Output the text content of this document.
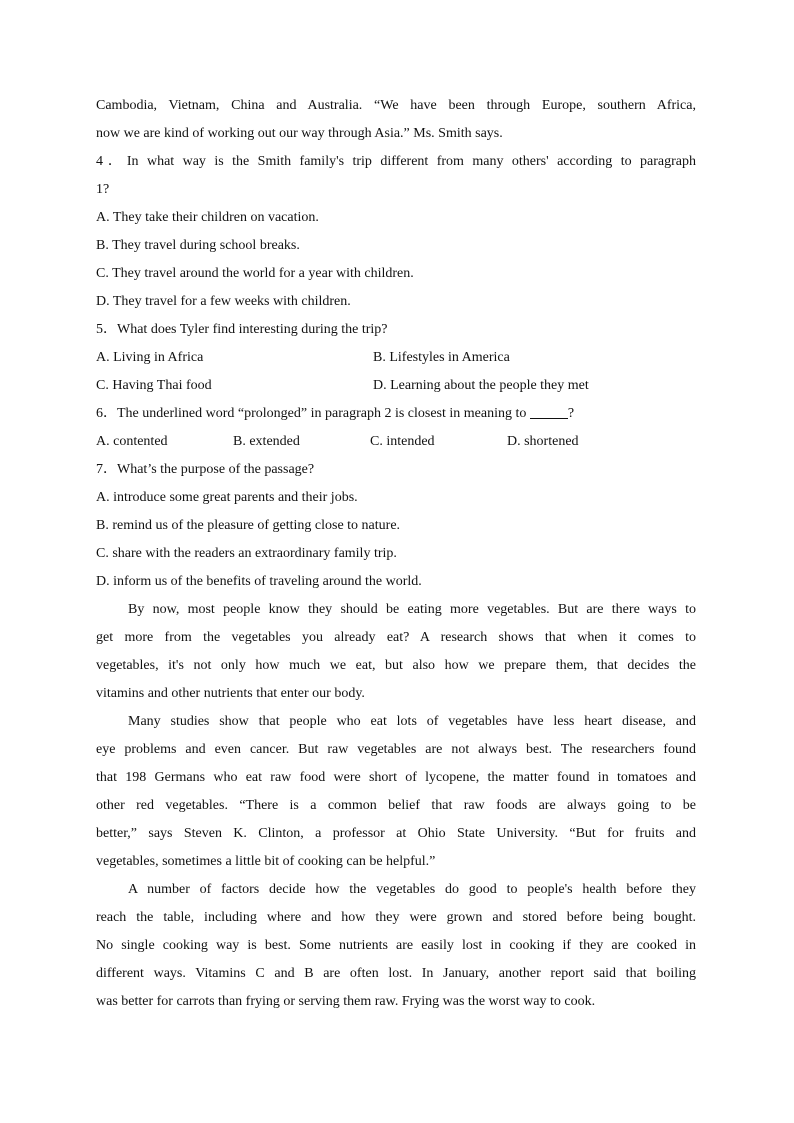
Cambodia, Vietnam, China and Australia. “We have been through Europe, southern Africa,
now we are kind of working out our way through Asia.” Ms. Smith says.
4．In what way is the Smith family's trip different from many others' according to paragraph
1?
A. They take their children on vacation.
B. They travel during school breaks.
C. They travel around the world for a year with children.
D. They travel for a few weeks with children.
5．What does Tyler find interesting during the trip?
A. Living in Africa	B. Lifestyles in America
C. Having Thai food	D. Learning about the people they met
6．The underlined word “prolonged” in paragraph 2 is closest in meaning to	?
A. contented	B. extended	C. intended	D. shortened
7．What’s the purpose of the passage?
A. introduce some great parents and their jobs.
B. remind us of the pleasure of getting close to nature.
C. share with the readers an extraordinary family trip.
D. inform us of the benefits of traveling around the world.
By now, most people know they should be eating more vegetables. But are there ways to
get more from the vegetables you already eat? A research shows that when it comes to
vegetables, it's not only how much we eat, but also how we prepare them, that decides the
vitamins and other nutrients that enter our body.
Many studies show that people who eat lots of vegetables have less heart disease, and
eye problems and even cancer. But raw vegetables are not always best. The researchers found
that 198 Germans who eat raw food were short of lycopene, the matter found in tomatoes and
other red vegetables. “There is a common belief that raw foods are always going to be
better,” says Steven K. Clinton, a professor at Ohio State University. “But for fruits and
vegetables, sometimes a little bit of cooking can be helpful.”
A number of factors decide how the vegetables do good to people's health before they
reach the table, including where and how they were grown and stored before being bought.
No single cooking way is best. Some nutrients are easily lost in cooking if they are cooked in
different ways. Vitamins C and B are often lost. In January, another report said that boiling
was better for carrots than frying or serving them raw. Frying was the worst way to cook.
